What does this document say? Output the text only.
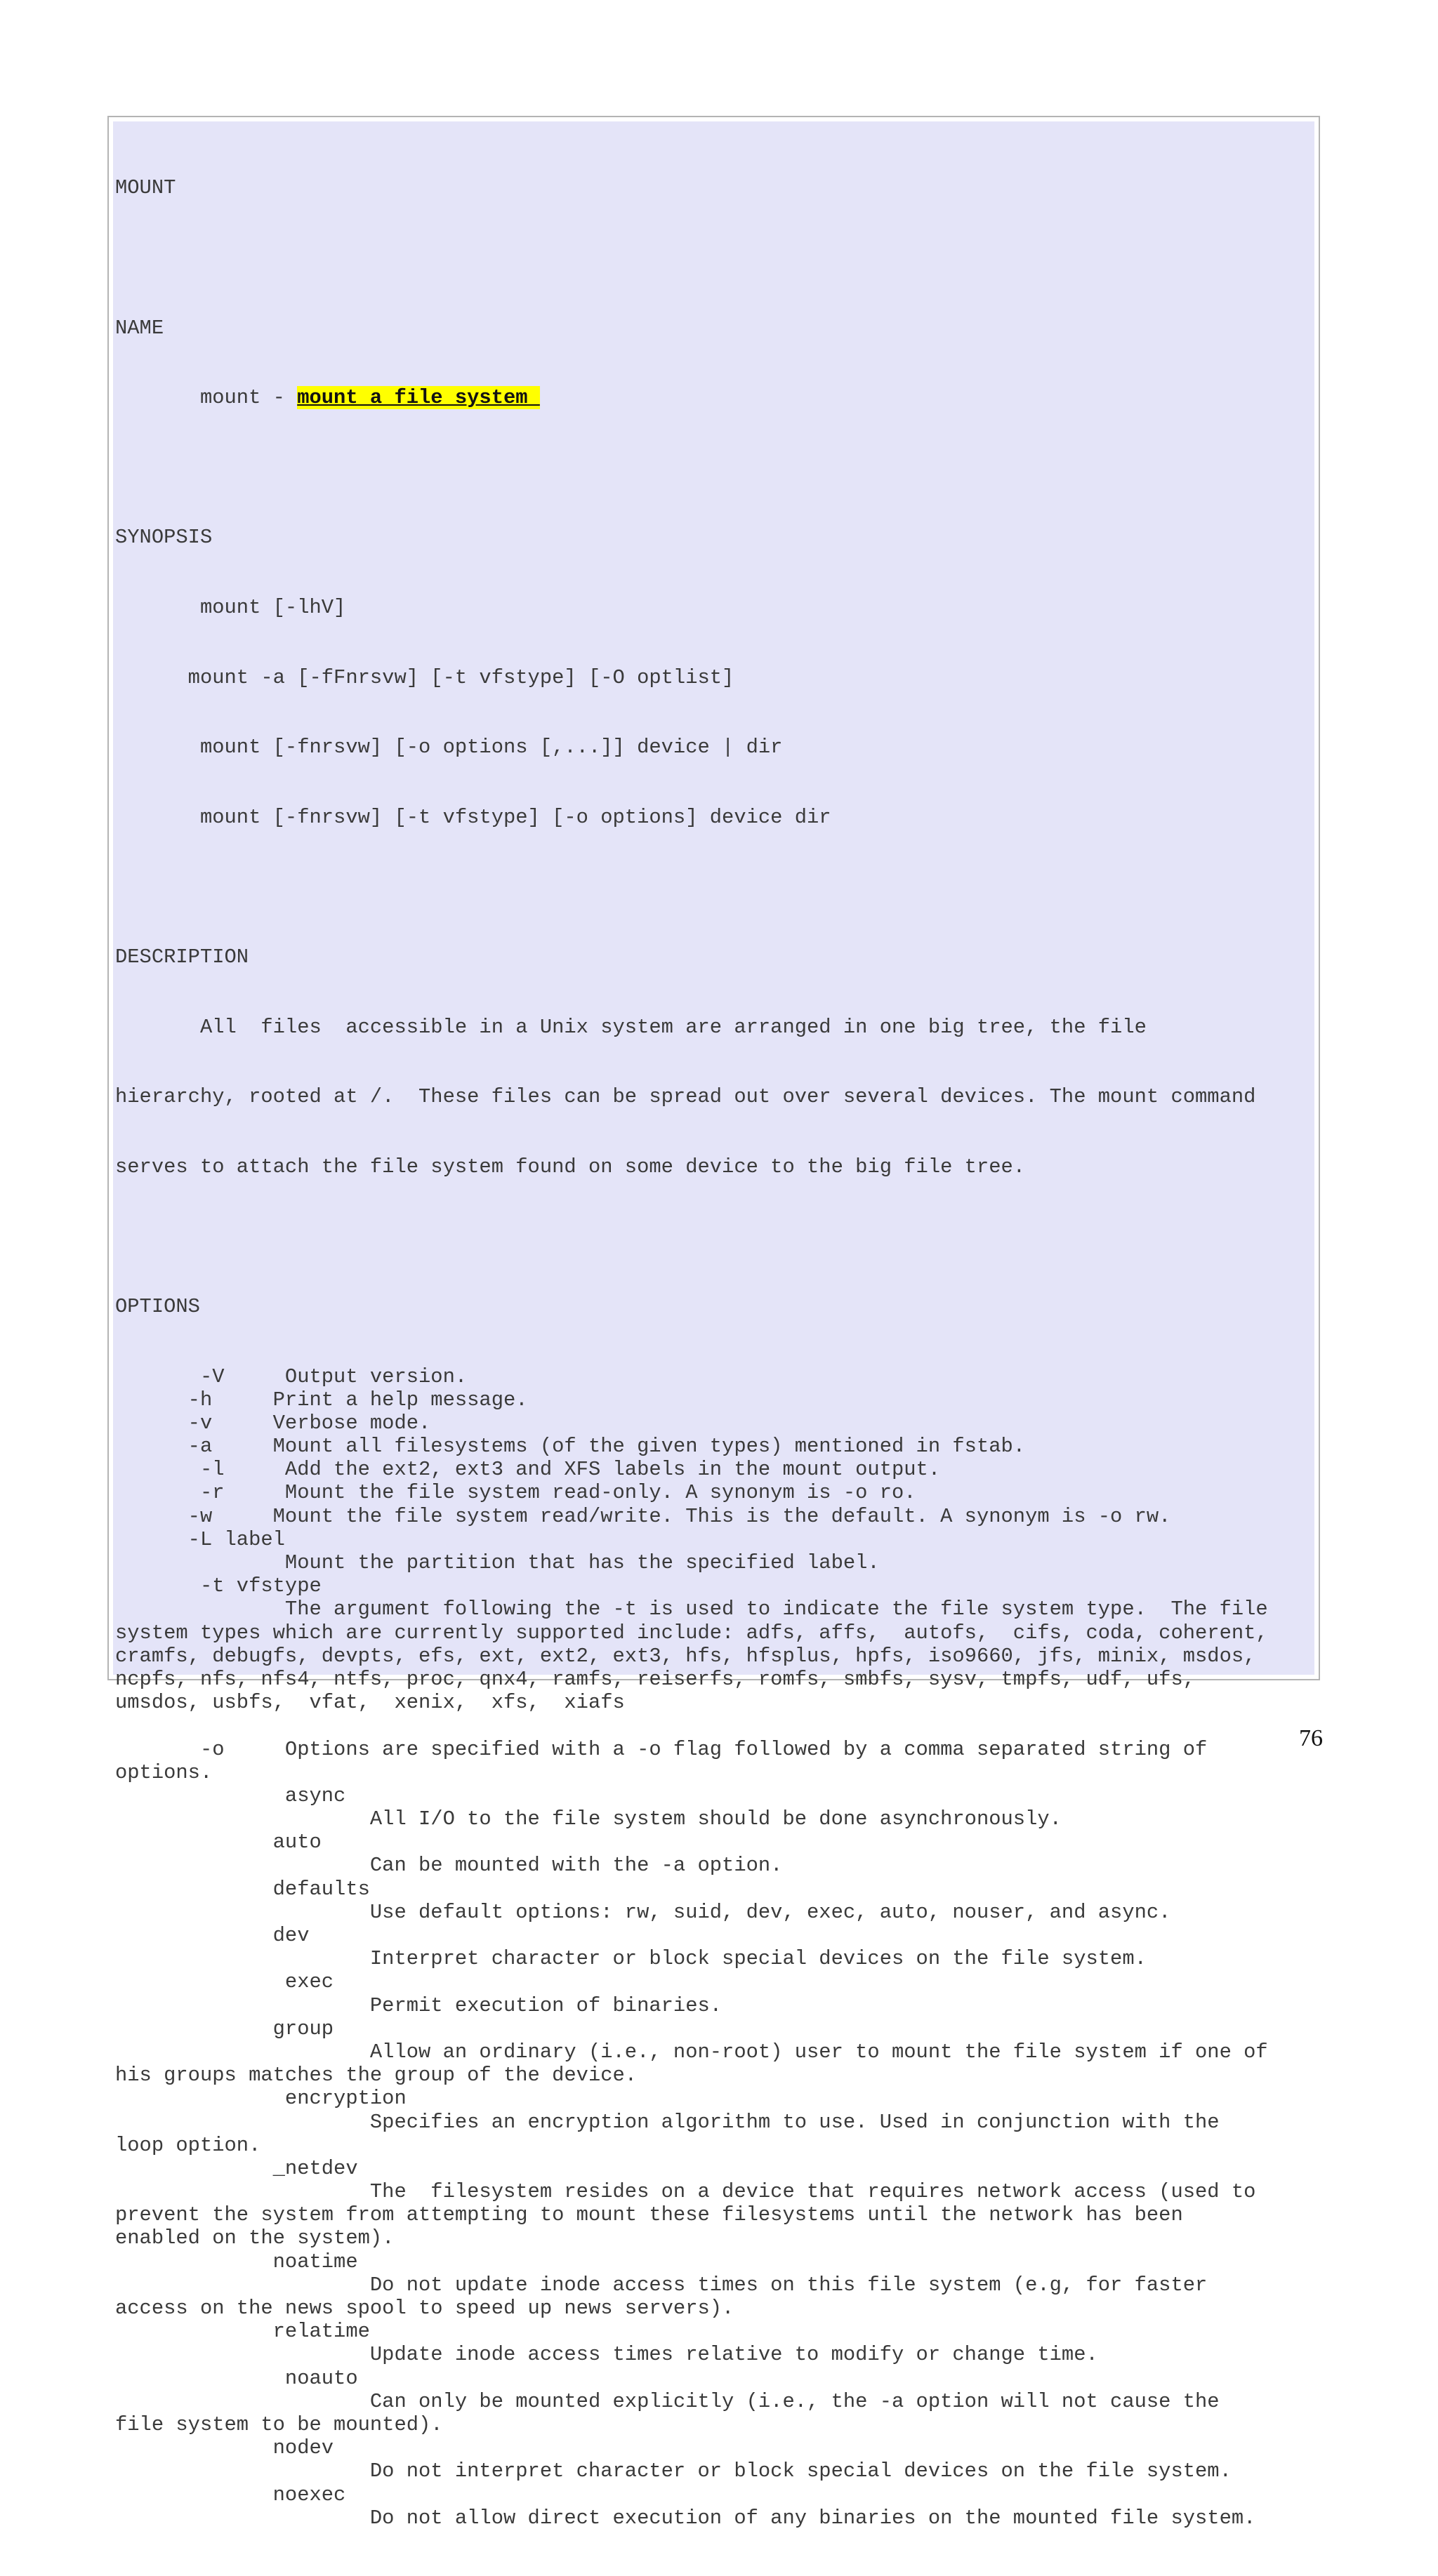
MOUNT

NAME

mount - mount a file system

SYNOPSIS

mount [-lhV]

mount -a [-fFnrsvw] [-t vfstype] [-O optlist]

mount [-fnrsvw] [-o options [,...]] device | dir

mount [-fnrsvw] [-t vfstype] [-o options] device dir

DESCRIPTION

All  files  accessible in a Unix system are arranged in one big tree, the file

hierarchy, rooted at /.  These files can be spread out over several devices. The mount command

serves to attach the file system found on some device to the big file tree.

OPTIONS

-V     Output version.
-h     Print a help message.
-v     Verbose mode.
-a     Mount all filesystems (of the given types) mentioned in fstab.
-l     Add the ext2, ext3 and XFS labels in the mount output.
-r     Mount the file system read-only. A synonym is -o ro.
-w     Mount the file system read/write. This is the default. A synonym is -o rw.
-L label
Mount the partition that has the specified label.
-t vfstype
The argument following the -t is used to indicate the file system type.  The file
system types which are currently supported include: adfs, affs,  autofs,  cifs, coda, coherent,
cramfs, debugfs, devpts, efs, ext, ext2, ext3, hfs, hfsplus, hpfs, iso9660, jfs, minix, msdos,
ncpfs, nfs, nfs4, ntfs, proc, qnx4, ramfs, reiserfs, romfs, smbfs, sysv, tmpfs, udf, ufs,
umsdos, usbfs,  vfat,  xenix,  xfs,  xiafs
-o     Options are specified with a -o flag followed by a comma separated string of
options.
async
All I/O to the file system should be done asynchronously.
auto
Can be mounted with the -a option.
defaults
Use default options: rw, suid, dev, exec, auto, nouser, and async.
dev
Interpret character or block special devices on the file system.
exec
Permit execution of binaries.
group
Allow an ordinary (i.e., non-root) user to mount the file system if one of
his groups matches the group of the device.
encryption
Specifies an encryption algorithm to use. Used in conjunction with the
loop option.
_netdev
The  filesystem resides on a device that requires network access (used to
prevent the system from attempting to mount these filesystems until the network has been
enabled on the system).
noatime
Do not update inode access times on this file system (e.g, for faster
access on the news spool to speed up news servers).
relatime
Update inode access times relative to modify or change time.
noauto
Can only be mounted explicitly (i.e., the -a option will not cause the
file system to be mounted).
nodev
Do not interpret character or block special devices on the file system.
noexec
Do not allow direct execution of any binaries on the mounted file system.

76
